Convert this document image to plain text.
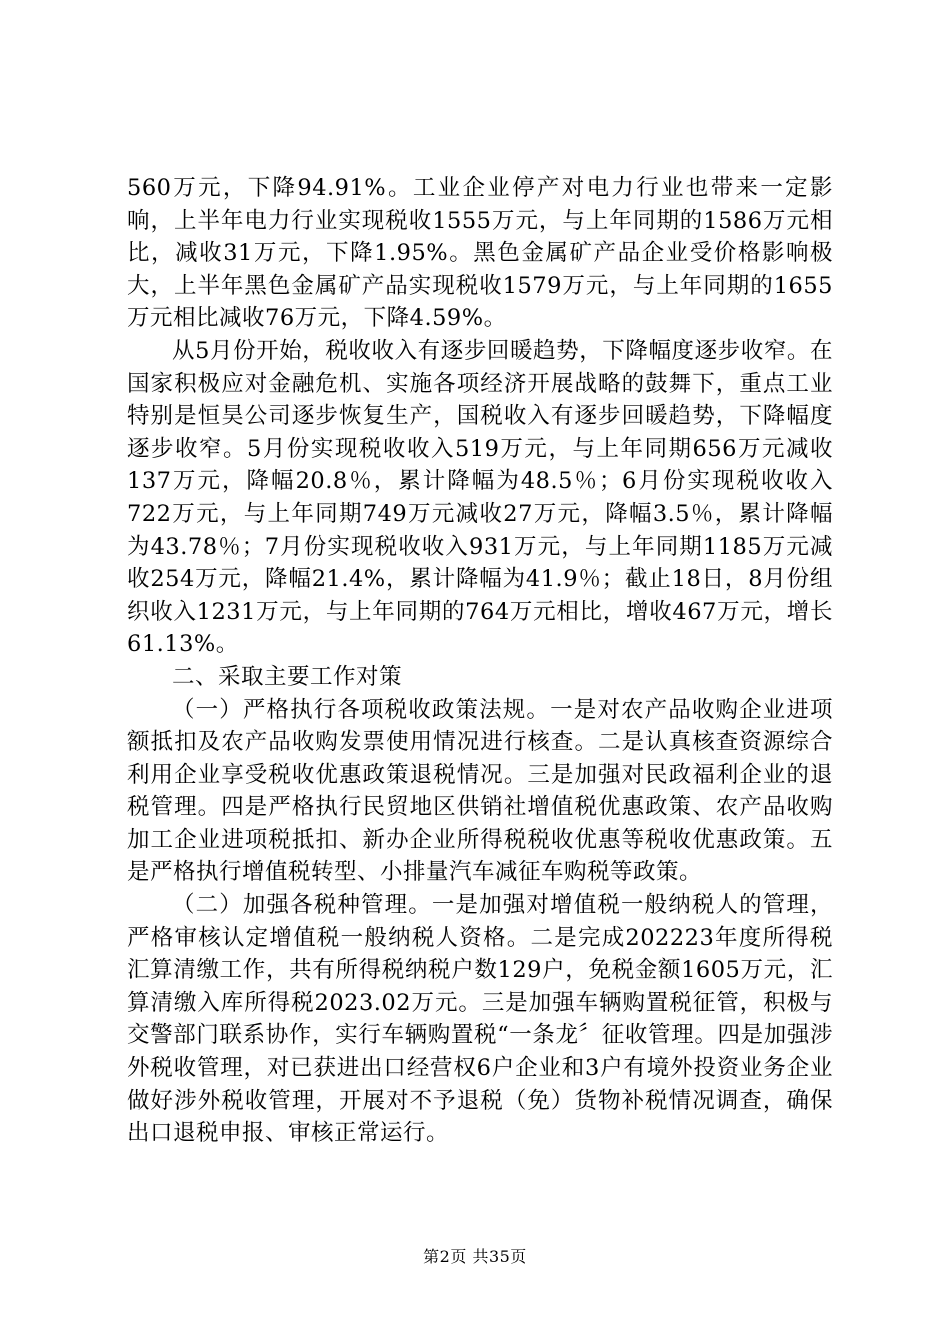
560万元，下降94.91%。工业企业停产对电力行业也带来一定影响，上半年电力行业实现税收1555万元，与上年同期的1586万元相比，减收31万元，下降1.95%。黑色金属矿产品企业受价格影响极大，上半年黑色金属矿产品实现税收1579万元，与上年同期的1655万元相比减收76万元，下降4.59%。

从5月份开始，税收收入有逐步回暖趋势，下降幅度逐步收窄。在国家积极应对金融危机、实施各项经济开展战略的鼓舞下，重点工业特别是恒昊公司逐步恢复生产，国税收入有逐步回暖趋势，下降幅度逐步收窄。5月份实现税收收入519万元，与上年同期656万元减收137万元，降幅20.8％，累计降幅为48.5％；6月份实现税收收入722万元，与上年同期749万元减收27万元，降幅3.5％，累计降幅为43.78％；7月份实现税收收入931万元，与上年同期1185万元减收254万元，降幅21.4%，累计降幅为41.9％；截止18日，8月份组织收入1231万元，与上年同期的764万元相比，增收467万元，增长61.13%。

二、采取主要工作对策

（一）严格执行各项税收政策法规。一是对农产品收购企业进项额抵扣及农产品收购发票使用情况进行核查。二是认真核查资源综合利用企业享受税收优惠政策退税情况。三是加强对民政福利企业的退税管理。四是严格执行民贸地区供销社增值税优惠政策、农产品收购加工企业进项税抵扣、新办企业所得税税收优惠等税收优惠政策。五是严格执行增值税转型、小排量汽车减征车购税等政策。

（二）加强各税种管理。一是加强对增值税一般纳税人的管理，严格审核认定增值税一般纳税人资格。二是完成202223年度所得税汇算清缴工作，共有所得税纳税户数129户，免税金额1605万元，汇算清缴入库所得税2023.02万元。三是加强车辆购置税征管，积极与交警部门联系协作，实行车辆购置税“一条龙〞征收管理。四是加强涉外税收管理，对已获进出口经营权6户企业和3户有境外投资业务企业做好涉外税收管理，开展对不予退税（免）货物补税情况调查，确保出口退税申报、审核正常运行。

第2页 共35页
